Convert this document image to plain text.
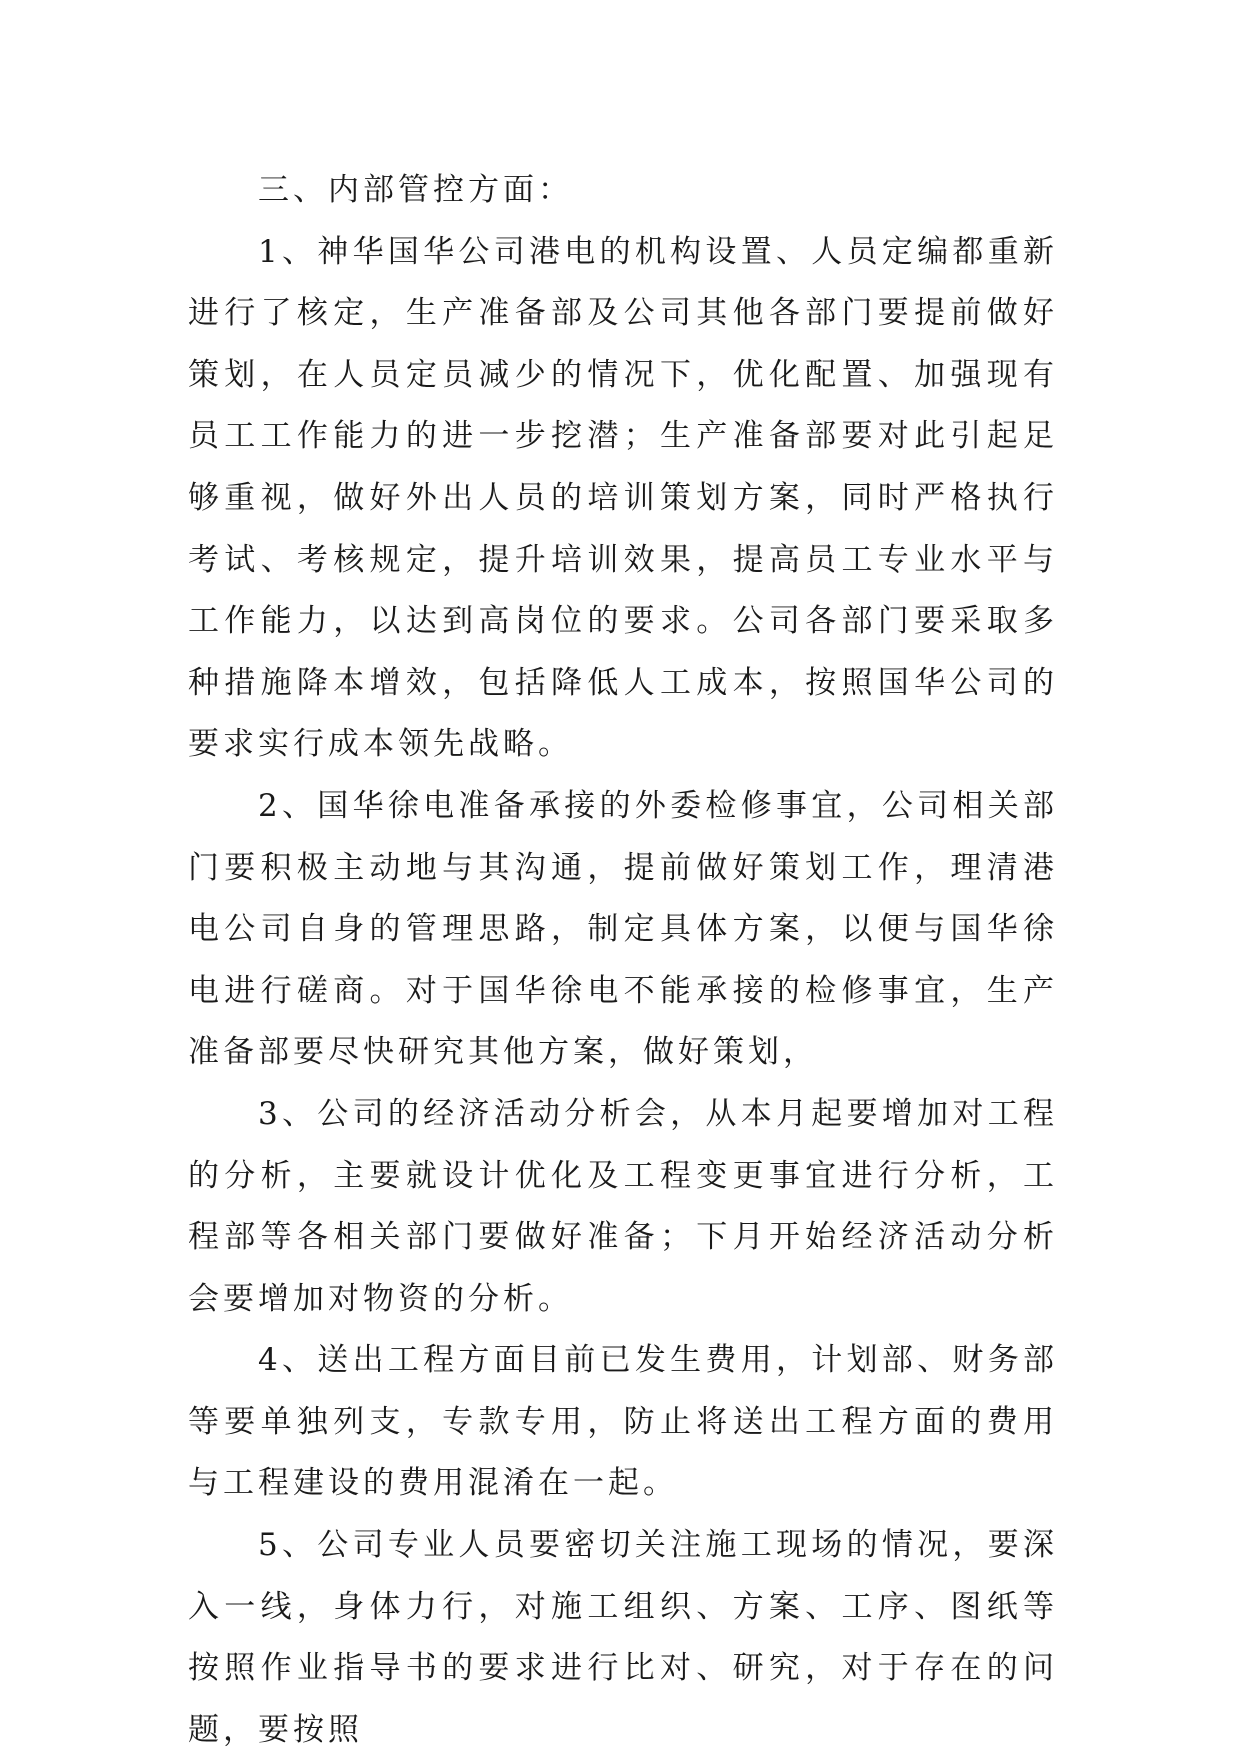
三、内部管控方面：

1、神华国华公司港电的机构设置、人员定编都重新进行了核定，生产准备部及公司其他各部门要提前做好策划，在人员定员减少的情况下，优化配置、加强现有员工工作能力的进一步挖潜；生产准备部要对此引起足够重视，做好外出人员的培训策划方案，同时严格执行考试、考核规定，提升培训效果，提高员工专业水平与工作能力，以达到高岗位的要求。公司各部门要采取多种措施降本增效，包括降低人工成本，按照国华公司的要求实行成本领先战略。

2、国华徐电准备承接的外委检修事宜，公司相关部门要积极主动地与其沟通，提前做好策划工作，理清港电公司自身的管理思路，制定具体方案，以便与国华徐电进行磋商。对于国华徐电不能承接的检修事宜，生产准备部要尽快研究其他方案，做好策划，

3、公司的经济活动分析会，从本月起要增加对工程的分析，主要就设计优化及工程变更事宜进行分析，工程部等各相关部门要做好准备；下月开始经济活动分析会要增加对物资的分析。

4、送出工程方面目前已发生费用，计划部、财务部等要单独列支，专款专用，防止将送出工程方面的费用与工程建设的费用混淆在一起。

5、公司专业人员要密切关注施工现场的情况，要深入一线，身体力行，对施工组织、方案、工序、图纸等按照作业指导书的要求进行比对、研究，对于存在的问题，要按照
